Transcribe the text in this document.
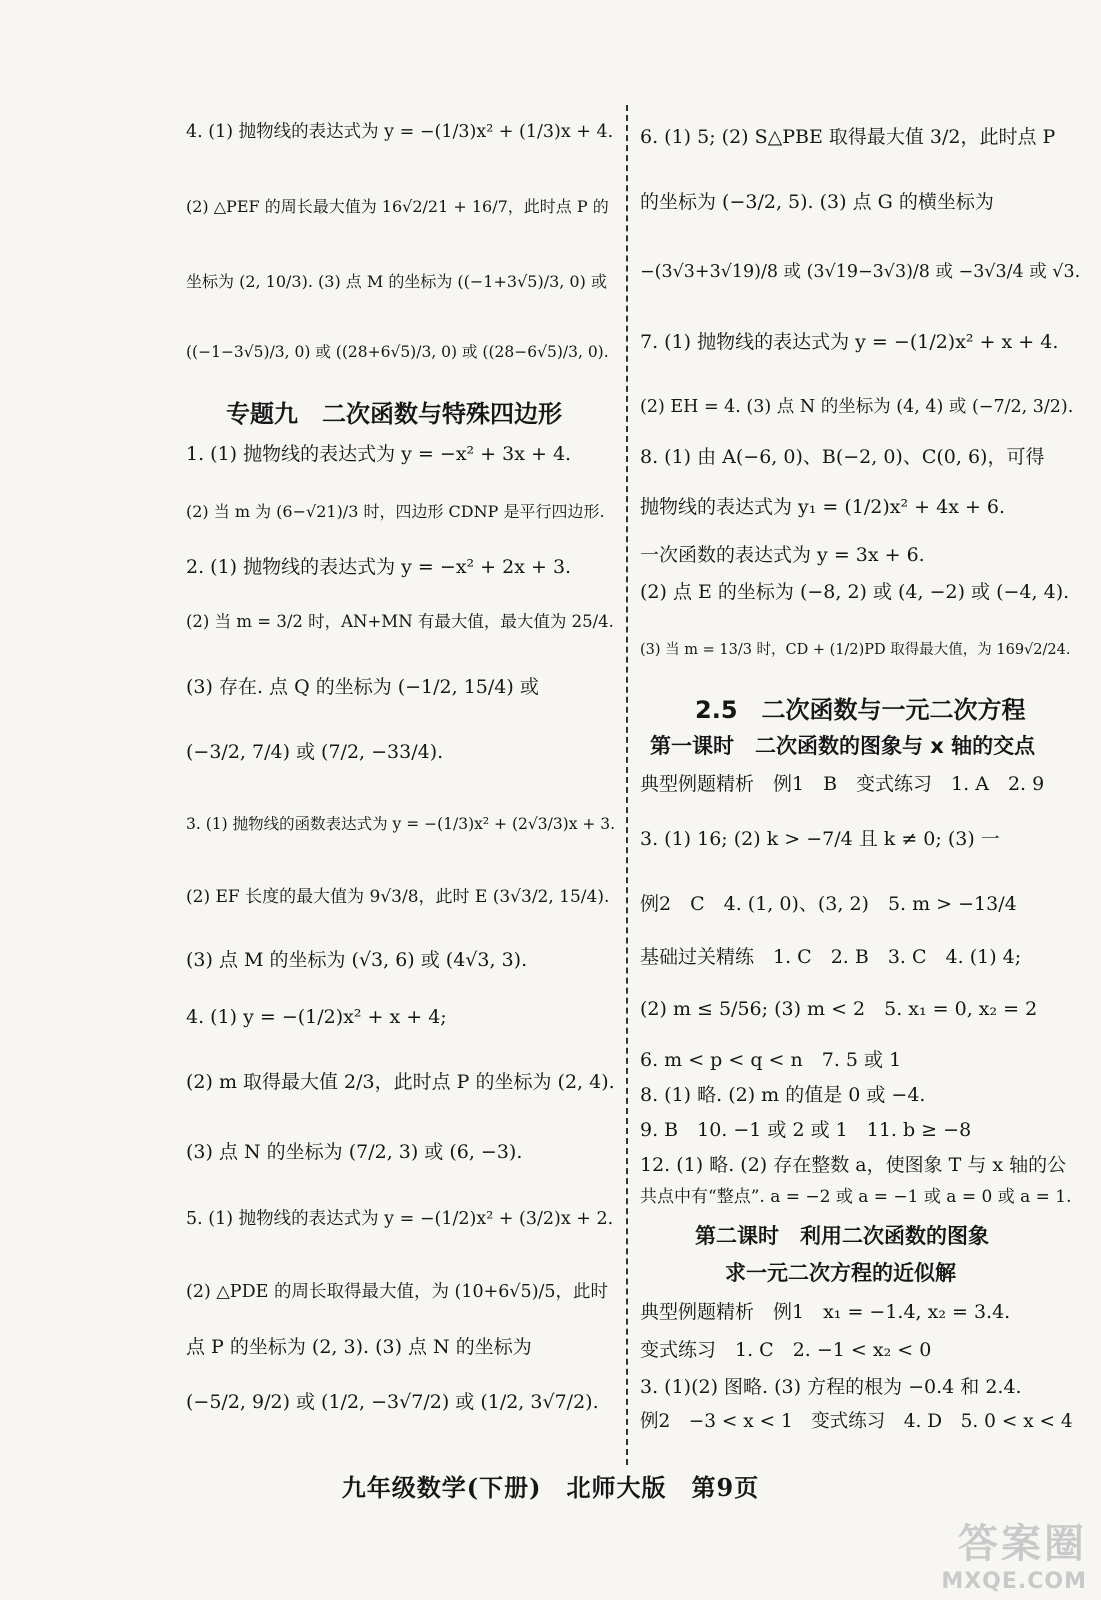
4. (1) 抛物线的表达式为 y = −(1/3)x² + (1/3)x + 4.
(2) △PEF 的周长最大值为 16√2/21 + 16/7，此时点 P 的
坐标为 (2, 10/3). (3) 点 M 的坐标为 ((−1+3√5)/3, 0) 或
((−1−3√5)/3, 0) 或 ((28+6√5)/3, 0) 或 ((28−6√5)/3, 0).
1. (1) 抛物线的表达式为 y = −x² + 3x + 4.
(2) 当 m 为 (6−√21)/3 时，四边形 CDNP 是平行四边形.
2. (1) 抛物线的表达式为 y = −x² + 2x + 3.
(2) 当 m = 3/2 时，AN+MN 有最大值，最大值为 25/4.
(3) 存在. 点 Q 的坐标为 (−1/2, 15/4) 或
(−3/2, 7/4) 或 (7/2, −33/4).
3. (1) 抛物线的函数表达式为 y = −(1/3)x² + (2√3/3)x + 3.
(2) EF 长度的最大值为 9√3/8，此时 E (3√3/2, 15/4).
(3) 点 M 的坐标为 (√3, 6) 或 (4√3, 3).
4. (1) y = −(1/2)x² + x + 4;
(2) m 取得最大值 2/3，此时点 P 的坐标为 (2, 4).
(3) 点 N 的坐标为 (7/2, 3) 或 (6, −3).
5. (1) 抛物线的表达式为 y = −(1/2)x² + (3/2)x + 2.
(2) △PDE 的周长取得最大值，为 (10+6√5)/5，此时
点 P 的坐标为 (2, 3). (3) 点 N 的坐标为
(−5/2, 9/2) 或 (1/2, −3√7/2) 或 (1/2, 3√7/2).
专题九　二次函数与特殊四边形
6. (1) 5; (2) S△PBE 取得最大值 3/2，此时点 P
的坐标为 (−3/2, 5). (3) 点 G 的横坐标为
−(3√3+3√19)/8 或 (3√19−3√3)/8 或 −3√3/4 或 √3.
7. (1) 抛物线的表达式为 y = −(1/2)x² + x + 4.
(2) EH = 4. (3) 点 N 的坐标为 (4, 4) 或 (−7/2, 3/2).
8. (1) 由 A(−6, 0)、B(−2, 0)、C(0, 6)，可得
抛物线的表达式为 y₁ = (1/2)x² + 4x + 6.
一次函数的表达式为 y = 3x + 6.
(2) 点 E 的坐标为 (−8, 2) 或 (4, −2) 或 (−4, 4).
(3) 当 m = 13/3 时，CD + (1/2)PD 取得最大值，为 169√2/24.
典型例题精析　例1　B　变式练习　1. A　2. 9
3. (1) 16; (2) k > −7/4 且 k ≠ 0; (3) 一
例2　C　4. (1, 0)、(3, 2)　5. m > −13/4
基础过关精练　1. C　2. B　3. C　4. (1) 4;
(2) m ≤ 5/56; (3) m < 2　5. x₁ = 0, x₂ = 2
6. m < p < q < n　7. 5 或 1
8. (1) 略. (2) m 的值是 0 或 −4.
9. B　10. −1 或 2 或 1　11. b ≥ −8
12. (1) 略. (2) 存在整数 a，使图象 T 与 x 轴的公
共点中有“整点”. a = −2 或 a = −1 或 a = 0 或 a = 1.
典型例题精析　例1　x₁ = −1.4, x₂ = 3.4.
变式练习　1. C　2. −1 < x₂ < 0
3. (1)(2) 图略. (3) 方程的根为 −0.4 和 2.4.
例2　−3 < x < 1　变式练习　4. D　5. 0 < x < 4
2.5　二次函数与一元二次方程
第一课时　二次函数的图象与 x 轴的交点
第二课时　利用二次函数的图象
求一元二次方程的近似解
九年级数学(下册)　北师大版　第9页
答案圈
MXQE.COM
